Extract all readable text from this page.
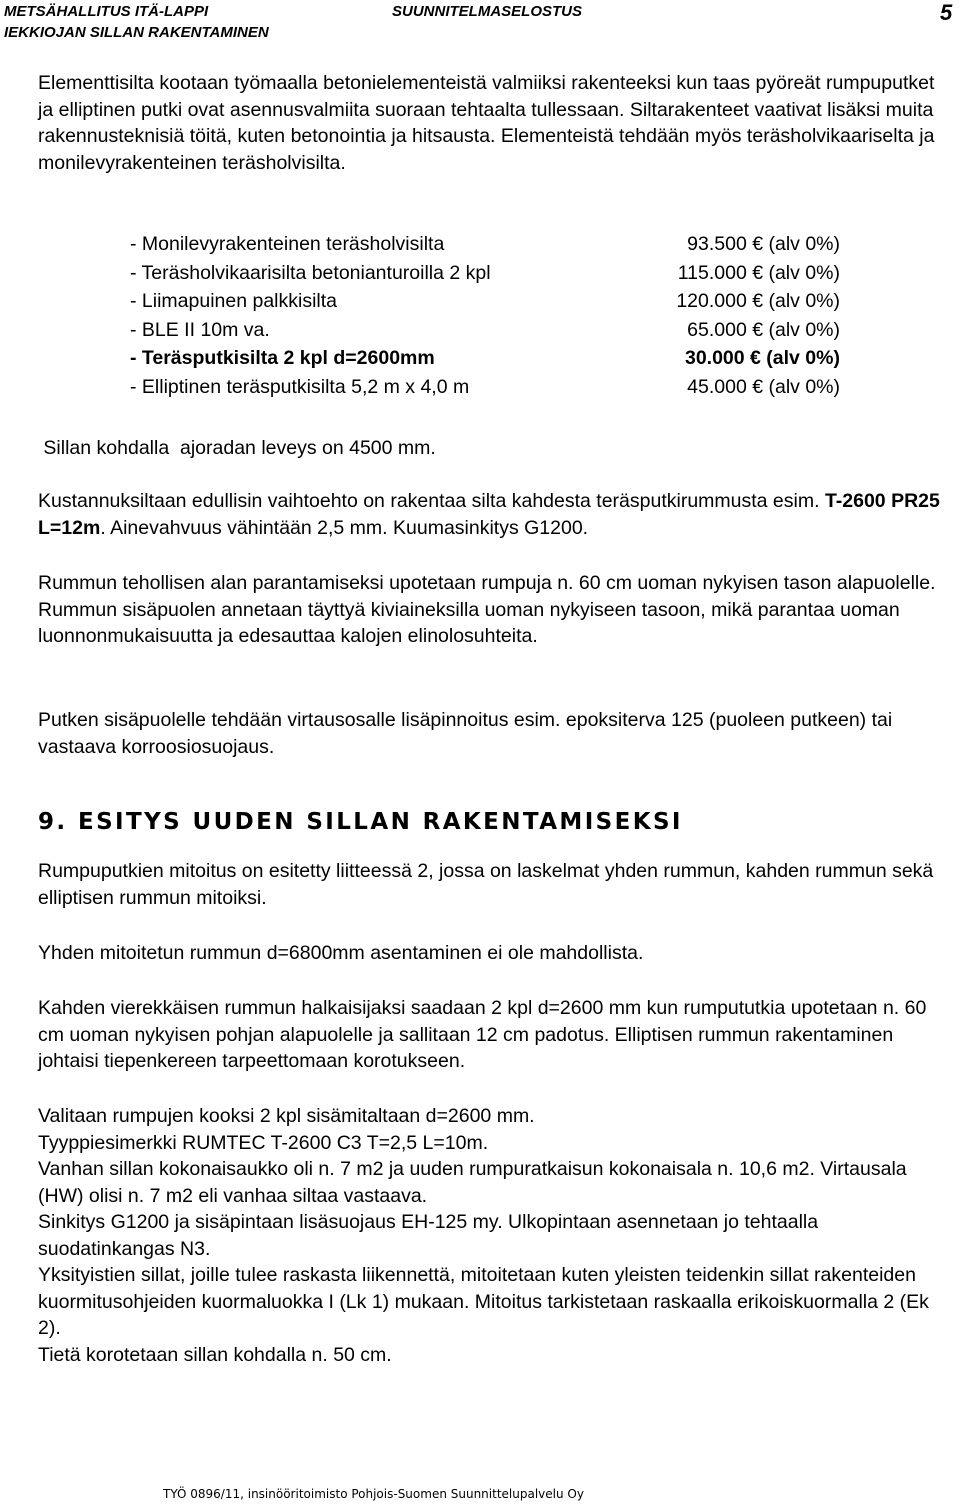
METSÄHALLITUS ITÄ-LAPPI
IEKKIOJAN SILLAN RAKENTAMINEN
SUUNNITELMASELOSTUS	5

Elementtisilta kootaan työmaalla betonielementeistä valmiiksi rakenteeksi kun taas pyöreät rumpuputket ja elliptinen putki ovat asennusvalmiita suoraan tehtaalta tullessaan. Siltarakenteet vaativat lisäksi muita rakennusteknisiä töitä, kuten betonointia ja hitsausta. Elementeistä tehdään myös teräsholvikaariselta ja monilevyrakenteinen teräsholvisilta.

- Monilevyrakenteinen teräsholvisilta	93.500 € (alv 0%)
- Teräsholvikaarisilta betonianturoilla 2 kpl	115.000 € (alv 0%)
- Liimapuinen palkkisilta	120.000 € (alv 0%)
- BLE II 10m va.	65.000 € (alv 0%)
- Teräsputkisilta 2 kpl d=2600mm	30.000 € (alv 0%)
- Elliptinen teräsputkisilta 5,2 m x 4,0 m	45.000 € (alv 0%)

Sillan kohdalla  ajoradan leveys on 4500 mm.

Kustannuksiltaan edullisin vaihtoehto on rakentaa silta kahdesta teräsputkirummusta esim. T-2600 PR25 L=12m. Ainevahvuus vähintään 2,5 mm. Kuumasinkitys G1200.

Rummun tehollisen alan parantamiseksi upotetaan rumpuja n. 60 cm uoman nykyisen tason alapuolelle. Rummun sisäpuolen annetaan täyttyä kiviaineksilla uoman nykyiseen tasoon, mikä parantaa uoman luonnonmukaisuutta ja edesauttaa kalojen elinolosuhteita.

Putken sisäpuolelle tehdään virtausosalle lisäpinnoitus esim. epoksiterva 125 (puoleen putkeen) tai vastaava korroosiosuojaus.

9. ESITYS UUDEN SILLAN RAKENTAMISEKSI

Rumpuputkien mitoitus on esitetty liitteessä 2, jossa on laskelmat yhden rummun, kahden rummun sekä elliptisen rummun mitoiksi.

Yhden mitoitetun rummun d=6800mm asentaminen ei ole mahdollista.

Kahden vierekkäisen rummun halkaisijaksi saadaan 2 kpl d=2600 mm kun rumpututkia upotetaan n. 60 cm uoman nykyisen pohjan alapuolelle ja sallitaan 12 cm padotus. Elliptisen rummun rakentaminen johtaisi tiepenkereen tarpeettomaan korotukseen.

Valitaan rumpujen kooksi 2 kpl sisämitaltaan d=2600 mm.
Tyyppiesimerkki RUMTEC T-2600 C3 T=2,5 L=10m.
Vanhan sillan kokonaisaukko oli n. 7 m2 ja uuden rumpuratkaisun kokonaisala n. 10,6 m2. Virtausala (HW) olisi n. 7 m2 eli vanhaa siltaa vastaava.
Sinkitys G1200 ja sisäpintaan lisäsuojaus EH-125 my. Ulkopintaan asennetaan jo tehtaalla suodatinkangas N3.
Yksityistien sillat, joille tulee raskasta liikennettä, mitoitetaan kuten yleisten teidenkin sillat rakenteiden kuormitusohjeiden kuormaluokka I (Lk 1) mukaan. Mitoitus tarkistetaan raskaalla erikoiskuormalla 2 (Ek 2).
Tietä korotetaan sillan kohdalla n. 50 cm.
TYÖ 0896/11, insinööritoimisto Pohjois-Suomen Suunnittelupalvelu Oy
